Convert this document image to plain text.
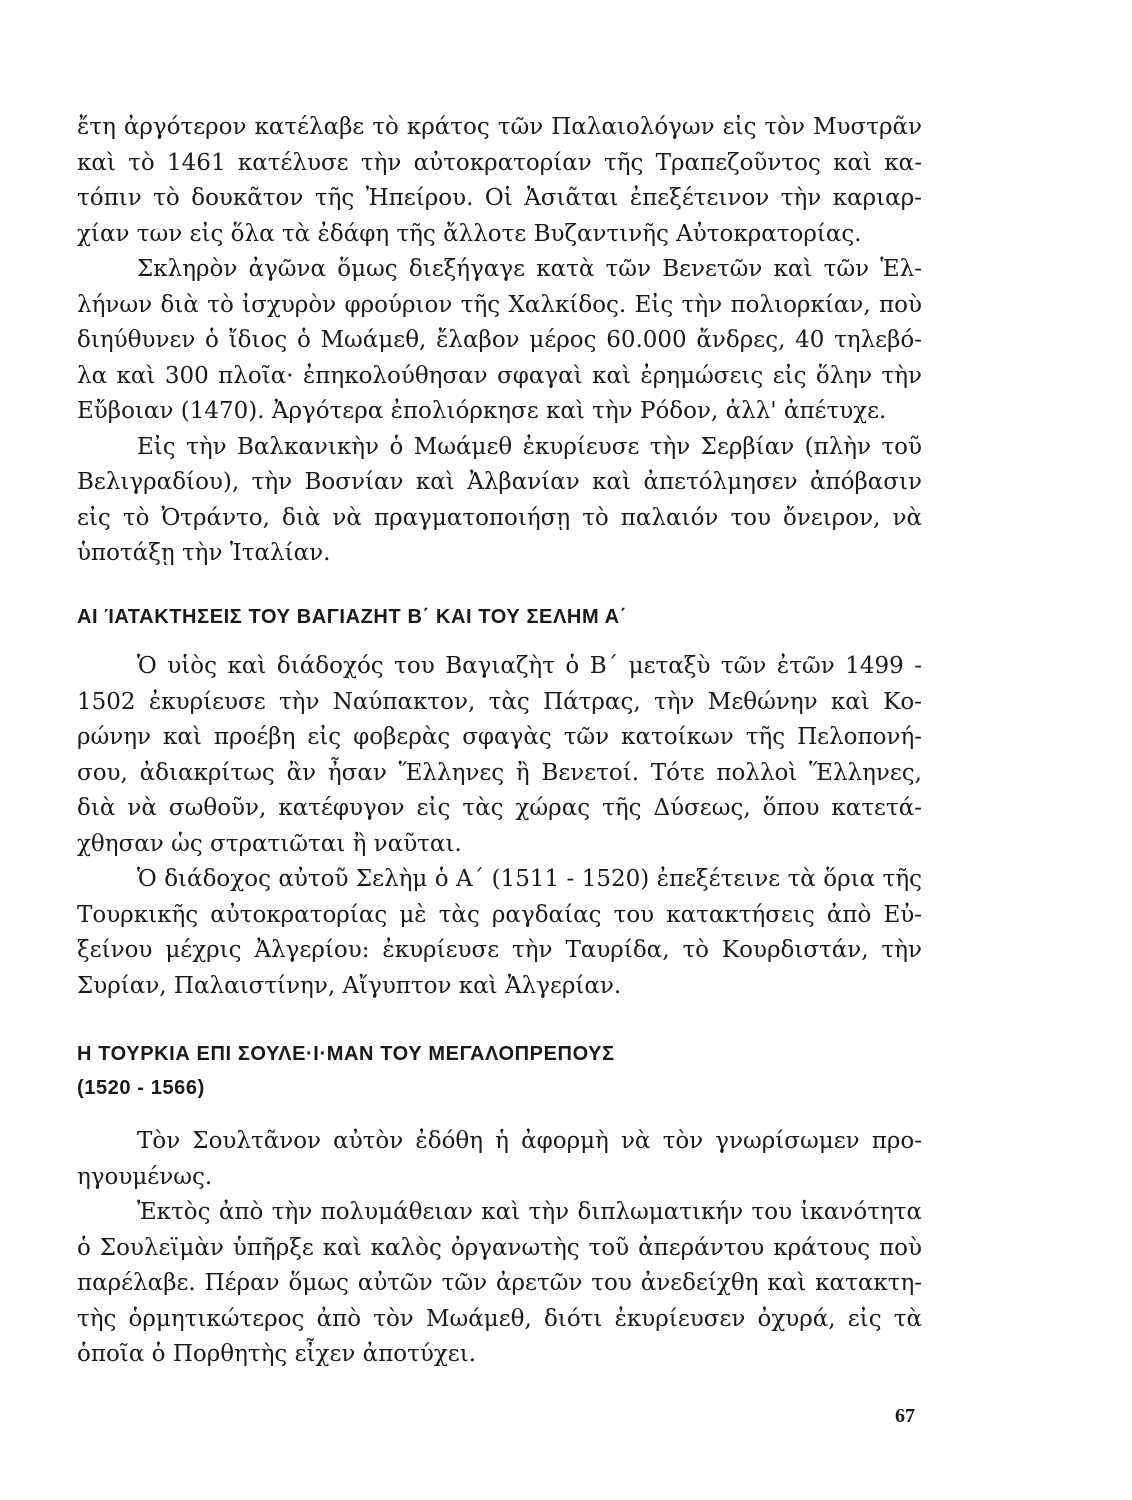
ἔτη ἀργότερον κατέλαβε τὸ κράτος τῶν Παλαιολόγων εἰς τὸν Μυστρᾶν
καὶ τὸ 1461 κατέλυσε τὴν αὐτοκρατορίαν τῆς Τραπεζοῦντος καὶ κα-
τόπιν τὸ δουκᾶτον τῆς Ἠπείρου. Οἱ Ἀσιᾶται ἐπεξέτεινον τὴν καριαρ-
χίαν των εἰς ὅλα τὰ ἐδάφη τῆς ἄλλοτε Βυζαντινῆς Αὐτοκρατορίας.
Σκληρὸν ἀγῶνα ὅμως διεξήγαγε κατὰ τῶν Βενετῶν καὶ τῶν Ἑλ-
λήνων διὰ τὸ ἰσχυρὸν φρούριον τῆς Χαλκίδος. Εἰς τὴν πολιορκίαν, ποὺ
διηύθυνεν ὁ ἴδιος ὁ Μωάμεθ, ἔλαβον μέρος 60.000 ἄνδρες, 40 τηλεβό-
λα καὶ 300 πλοῖα· ἐπηκολούθησαν σφαγαὶ καὶ ἐρημώσεις εἰς ὅλην τὴν
Εὔβοιαν (1470). Ἀργότερα ἐπολιόρκησε καὶ τὴν Ρόδον, ἀλλ' ἀπέτυχε.
Εἰς τὴν Βαλκανικὴν ὁ Μωάμεθ ἐκυρίευσε τὴν Σερβίαν (πλὴν τοῦ
Βελιγραδίου), τὴν Βοσνίαν καὶ Ἀλβανίαν καὶ ἀπετόλμησεν ἀπόβασιν
εἰς τὸ Ὀτράντο, διὰ νὰ πραγματοποιήσῃ τὸ παλαιόν του ὄνειρον, νὰ
ὑποτάξῃ τὴν Ἰταλίαν.
ΑΙ ΊΑΤΑΚΤΗΣΕΙΣ ΤΟΥ ΒΑΓΙΑΖΗΤ Β΄ ΚΑΙ ΤΟΥ ΣΕΛΗΜ Α΄
Ὁ υἱὸς καὶ διάδοχός του Βαγιαζὴτ ὁ Β΄ μεταξὺ τῶν ἐτῶν 1499 -
1502 ἐκυρίευσε τὴν Ναύπακτον, τὰς Πάτρας, τὴν Μεθώνην καὶ Κο-
ρώνην καὶ προέβη εἰς φοβερὰς σφαγὰς τῶν κατοίκων τῆς Πελοπονή-
σου, ἀδιακρίτως ἂν ἦσαν Ἕλληνες ἢ Βενετοί. Τότε πολλοὶ Ἕλληνες,
διὰ νὰ σωθοῦν, κατέφυγον εἰς τὰς χώρας τῆς Δύσεως, ὅπου κατετά-
χθησαν ὡς στρατιῶται ἢ ναῦται.
Ὁ διάδοχος αὐτοῦ Σελὴμ ὁ Α΄ (1511 - 1520) ἐπεξέτεινε τὰ ὅρια τῆς
Τουρκικῆς αὐτοκρατορίας μὲ τὰς ραγδαίας του κατακτήσεις ἀπὸ Εὐ-
ξείνου μέχρις Ἀλγερίου: ἐκυρίευσε τὴν Ταυρίδα, τὸ Κουρδιστάν, τὴν
Συρίαν, Παλαιστίνην, Αἴγυπτον καὶ Ἀλγερίαν.
Η ΤΟΥΡΚΙΑ ΕΠΙ ΣΟΥΛΕ·Ι·ΜΑΝ ΤΟΥ ΜΕΓΑΛΟΠΡΕΠΟΥΣ
(1520 - 1566)
Τὸν Σουλτᾶνον αὐτὸν ἐδόθη ἡ ἀφορμὴ νὰ τὸν γνωρίσωμεν προ-
ηγουμένως.
Ἐκτὸς ἀπὸ τὴν πολυμάθειαν καὶ τὴν διπλωματικήν του ἱκανότητα
ὁ Σουλεϊμὰν ὑπῆρξε καὶ καλὸς ὀργανωτὴς τοῦ ἀπεράντου κράτους ποὺ
παρέλαβε. Πέραν ὅμως αὐτῶν τῶν ἀρετῶν του ἀνεδείχθη καὶ κατακτη-
τὴς ὁρμητικώτερος ἀπὸ τὸν Μωάμεθ, διότι ἐκυρίευσεν ὀχυρά, εἰς τὰ
ὁποῖα ὁ Πορθητὴς εἶχεν ἀποτύχει.
67
